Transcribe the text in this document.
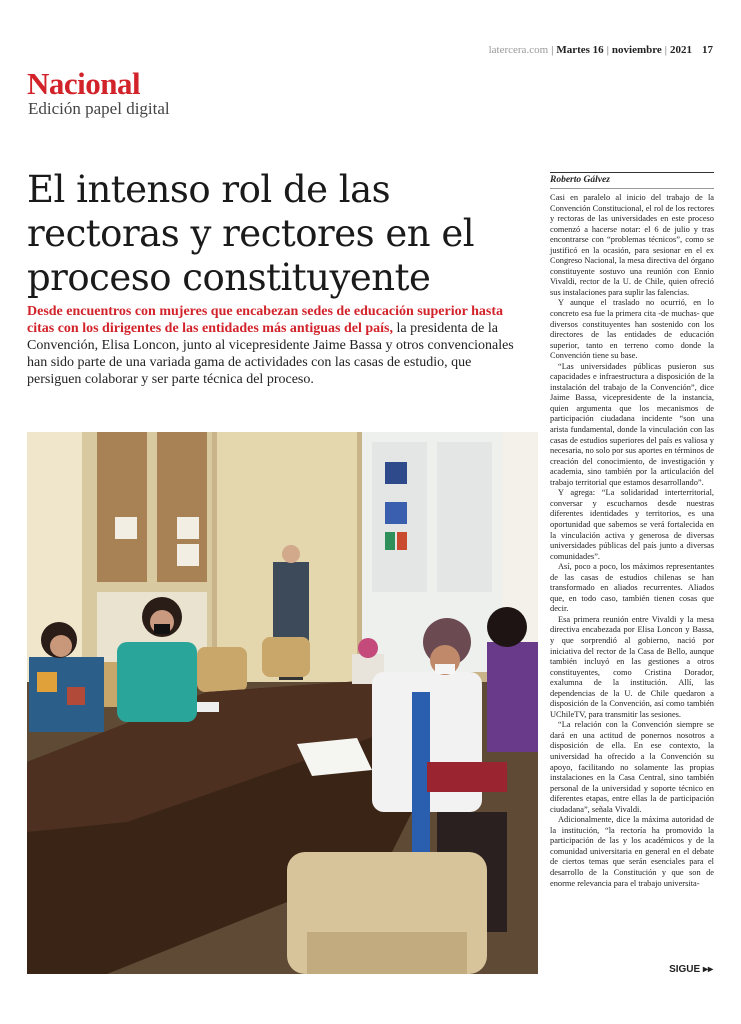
latercera.com | Martes 16 | noviembre | 2021 17
Nacional
Edición papel digital
El intenso rol de las rectoras y rectores en el proceso constituyente
Desde encuentros con mujeres que encabezan sedes de educación superior hasta citas con los dirigentes de las entidades más antiguas del país, la presidenta de la Convención, Elisa Loncon, junto al vicepresidente Jaime Bassa y otros convencionales han sido parte de una variada gama de actividades con las casas de estudio, que persiguen colaborar y ser parte técnica del proceso.
Roberto Gálvez

Casi en paralelo al inicio del trabajo de la Convención Constitucional, el rol de los rectores y rectoras de las universidades en este proceso comenzó a hacerse notar: el 6 de julio y tras encontrarse con “problemas técnicos”, como se justificó en la ocasión, para sesionar en el ex Congreso Nacional, la mesa directiva del órgano constituyente sostuvo una reunión con Ennio Vivaldi, rector de la U. de Chile, quien ofreció sus instalaciones para suplir las falencias.

Y aunque el traslado no ocurrió, en lo concreto esa fue la primera cita -de muchas- que diversos constituyentes han sostenido con los directores de las entidades de educación superior, tanto en terreno como donde la Convención tiene su base.

“Las universidades públicas pusieron sus capacidades e infraestructura a disposición de la instalación del trabajo de la Convención”, dice Jaime Bassa, vicepresidente de la instancia, quien argumenta que los mecanismos de participación ciudadana incidente “son una arista fundamental, donde la vinculación con las casas de estudios superiores del país es valiosa y necesaria, no solo por sus aportes en términos de creación del conocimiento, de investigación y academia, sino también por la articulación del trabajo territorial que estamos desarrollando”.

Y agrega: “La solidaridad interterritorial, conversar y escucharnos desde nuestras diferentes identidades y territorios, es una oportunidad que sabemos se verá fortalecida en la vinculación activa y generosa de diversas universidades públicas del país junto a diversas comunidades”.

Así, poco a poco, los máximos representantes de las casas de estudios chilenas se han transformado en aliados recurrentes. Aliados que, en todo caso, también tienen cosas que decir.

Esa primera reunión entre Vivaldi y la mesa directiva encabezada por Elisa Loncon y Bassa, y que sorprendió al gobierno, nació por iniciativa del rector de la Casa de Bello, aunque también incluyó en las gestiones a otros constituyentes, como Cristina Dorador, exalumna de la institución. Allí, las dependencias de la U. de Chile quedaron a disposición de la Convención, así como también UChileTV, para transmitir las sesiones.

“La relación con la Convención siempre se dará en una actitud de ponernos nosotros a disposición de ella. En ese contexto, la universidad ha ofrecido a la Convención su apoyo, facilitando no solamente las propias instalaciones en la Casa Central, sino también personal de la universidad y soporte técnico en diferentes etapas, entre ellas la de participación ciudadana”, señala Vivaldi.

Adicionalmente, dice la máxima autoridad de la institución, “la rectoría ha promovido la participación de las y los académicos y de la comunidad universitaria en general en el debate de ciertos temas que serán esenciales para el desarrollo de la Constitución y que son de enorme relevancia para el trabajo universita-

SIGUE ▸▸
